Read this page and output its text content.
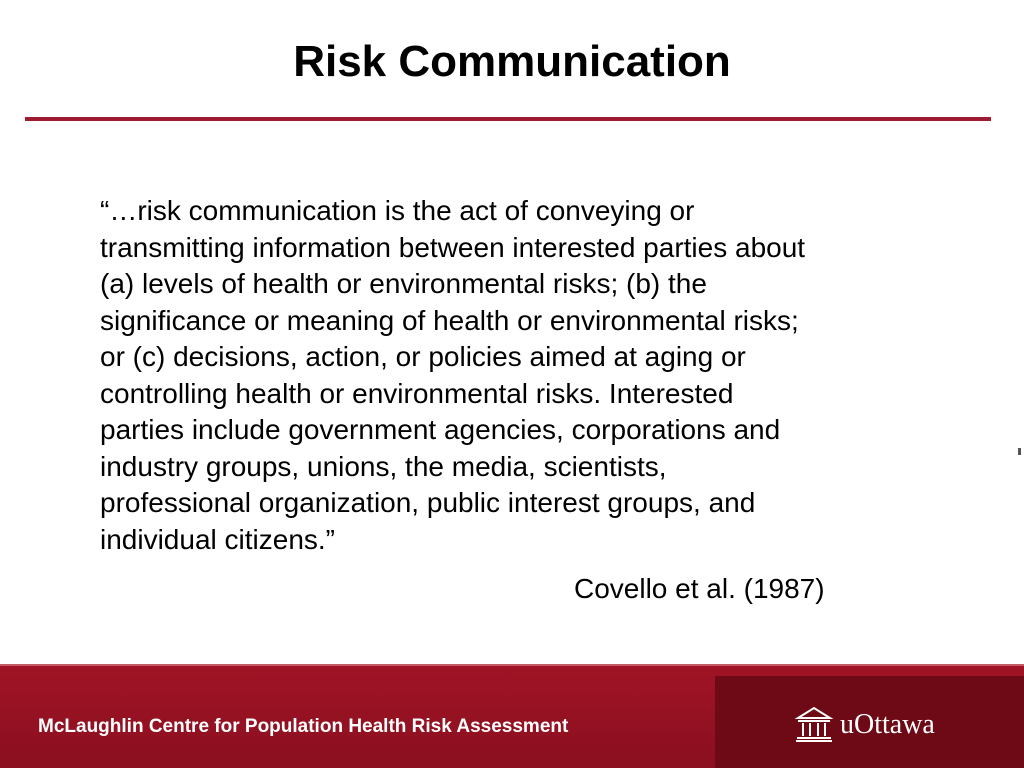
Risk Communication
“…risk communication is the act of conveying or
transmitting information between interested parties about
(a) levels of health or environmental risks; (b) the
significance or meaning of health or environmental risks;
or (c) decisions, action, or policies aimed at aging or
controlling health or environmental risks. Interested
parties include government agencies, corporations and
industry groups, unions, the media, scientists,
professional organization, public interest groups, and
individual citizens.”
Covello et al. (1987)
McLaughlin Centre for Population Health Risk Assessment	uOttawa
